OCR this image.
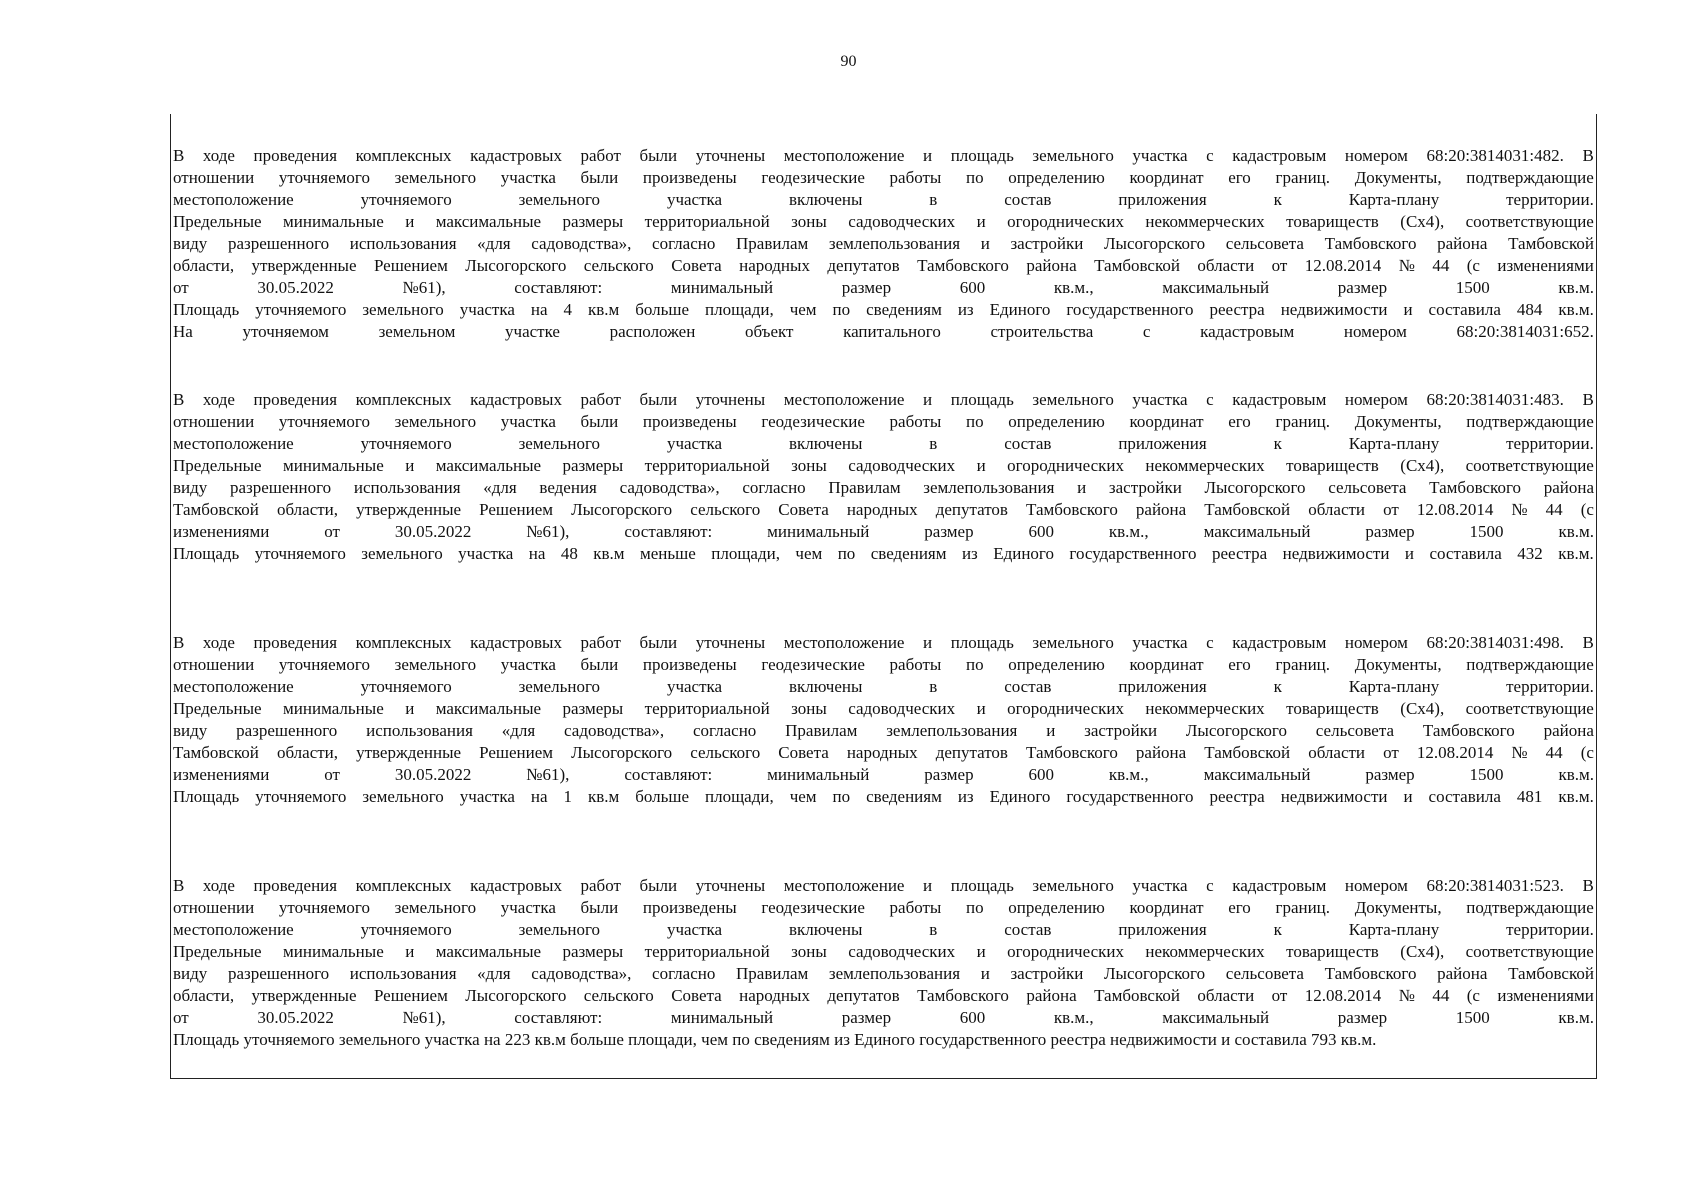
90
В ходе проведения комплексных кадастровых работ были уточнены местоположение и площадь земельного участка с кадастровым номером 68:20:3814031:482. В
отношении уточняемого земельного участка были произведены геодезические работы по определению координат его границ. Документы, подтверждающие
местоположение	уточняемого	земельного	участка	включены	в	состав	приложения	к	Карта-плану	территории.
Предельные минимальные и максимальные размеры территориальной зоны садоводческих и огороднических некоммерческих товариществ (Сх4), соответствующие
виду разрешенного использования «для садоводства», согласно Правилам землепользования и застройки Лысогорского сельсовета Тамбовского района Тамбовской
области, утвержденные Решением Лысогорского сельского Совета народных депутатов Тамбовского района Тамбовской области от 12.08.2014 № 44 (с изменениями
от	30.05.2022	№61),	составляют:	минимальный	размер	600	кв.м.,	максимальный	размер	1500	кв.м.
Площадь уточняемого земельного участка на 4 кв.м больше площади, чем по сведениям из Единого государственного реестра недвижимости и составила 484 кв.м.
На	уточняемом	земельном	участке	расположен	объект	капитального	строительства	с	кадастровым	номером	68:20:3814031:652.
В ходе проведения комплексных кадастровых работ были уточнены местоположение и площадь земельного участка с кадастровым номером 68:20:3814031:483. В
отношении уточняемого земельного участка были произведены геодезические работы по определению координат его границ. Документы, подтверждающие
местоположение	уточняемого	земельного	участка	включены	в	состав	приложения	к	Карта-плану	территории.
Предельные минимальные и максимальные размеры территориальной зоны садоводческих и огороднических некоммерческих товариществ (Сх4), соответствующие
виду разрешенного использования «для ведения садоводства», согласно Правилам землепользования и застройки Лысогорского сельсовета Тамбовского района
Тамбовской области, утвержденные Решением Лысогорского сельского Совета народных депутатов Тамбовского района Тамбовской области от 12.08.2014 № 44 (с
изменениями	от	30.05.2022	№61),	составляют:	минимальный	размер	600	кв.м.,	максимальный	размер	1500	кв.м.
Площадь уточняемого земельного участка на 48 кв.м меньше площади, чем по сведениям из Единого государственного реестра недвижимости и составила 432 кв.м.
В ходе проведения комплексных кадастровых работ были уточнены местоположение и площадь земельного участка с кадастровым номером 68:20:3814031:498. В
отношении уточняемого земельного участка были произведены геодезические работы по определению координат его границ. Документы, подтверждающие
местоположение	уточняемого	земельного	участка	включены	в	состав	приложения	к	Карта-плану	территории.
Предельные минимальные и максимальные размеры территориальной зоны садоводческих и огороднических некоммерческих товариществ (Сх4), соответствующие
виду разрешенного использования «для садоводства», согласно Правилам землепользования и застройки Лысогорского сельсовета Тамбовского района
Тамбовской области, утвержденные Решением Лысогорского сельского Совета народных депутатов Тамбовского района Тамбовской области от 12.08.2014 № 44 (с
изменениями	от	30.05.2022	№61),	составляют:	минимальный	размер	600	кв.м.,	максимальный	размер	1500	кв.м.
Площадь уточняемого земельного участка на 1 кв.м больше площади, чем по сведениям из Единого государственного реестра недвижимости и составила 481 кв.м.
В ходе проведения комплексных кадастровых работ были уточнены местоположение и площадь земельного участка с кадастровым номером 68:20:3814031:523. В
отношении уточняемого земельного участка были произведены геодезические работы по определению координат его границ. Документы, подтверждающие
местоположение	уточняемого	земельного	участка	включены	в	состав	приложения	к	Карта-плану	территории.
Предельные минимальные и максимальные размеры территориальной зоны садоводческих и огороднических некоммерческих товариществ (Сх4), соответствующие
виду разрешенного использования «для садоводства», согласно Правилам землепользования и застройки Лысогорского сельсовета Тамбовского района Тамбовской
области, утвержденные Решением Лысогорского сельского Совета народных депутатов Тамбовского района Тамбовской области от 12.08.2014 № 44 (с изменениями
от	30.05.2022	№61),	составляют:	минимальный	размер	600	кв.м.,	максимальный	размер	1500	кв.м.
Площадь уточняемого земельного участка на 223 кв.м больше площади, чем по сведениям из Единого государственного реестра недвижимости и составила 793 кв.м.
